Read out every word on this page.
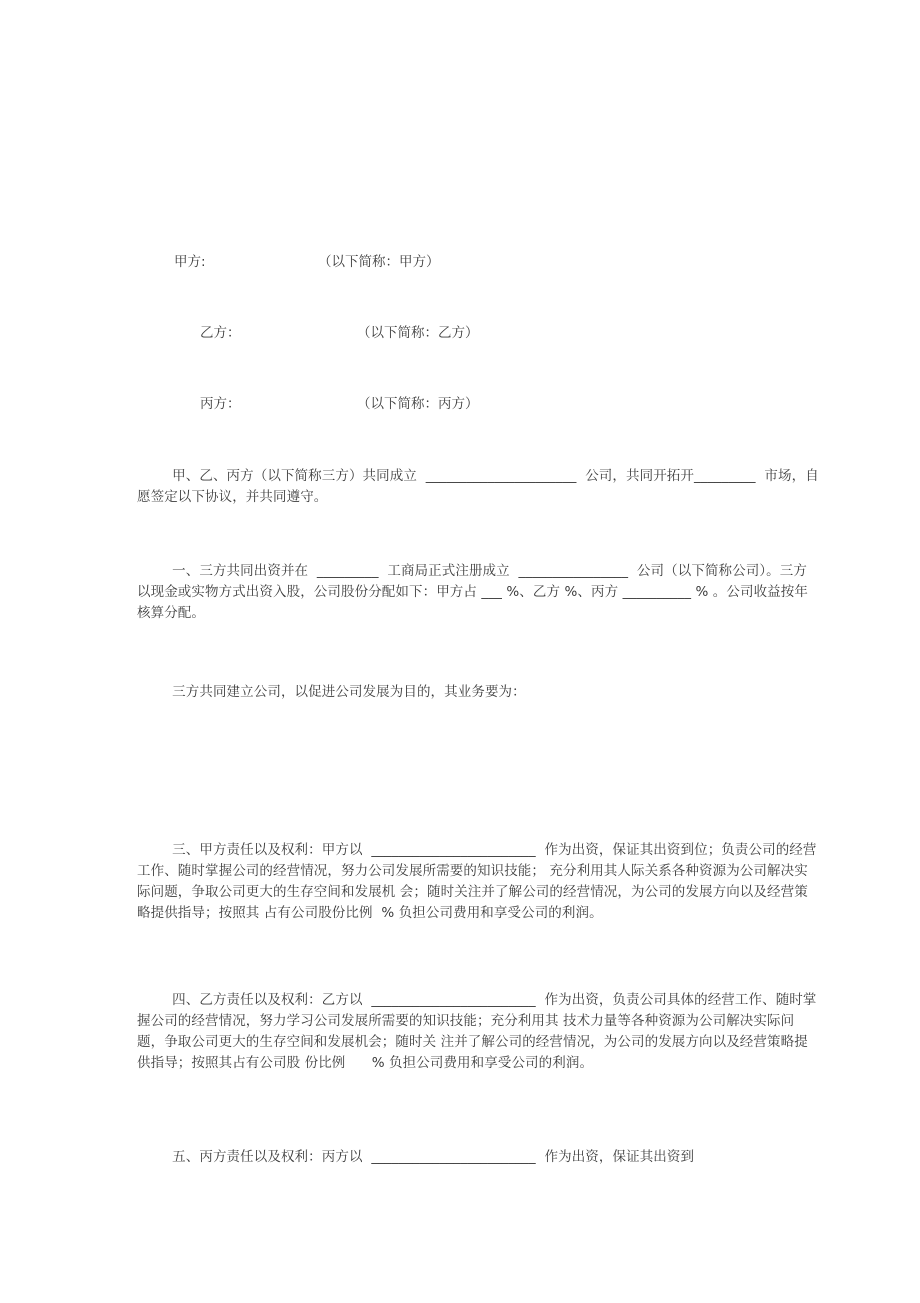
甲方:	（以下简称：甲方）
乙方：	（以下简称：乙方）
丙方：	（以下简称：丙方）

甲、乙、丙方（以下简称三方）共同成立  ______________________  公司，共同开拓开_________  市场，自愿签定以下协议，并共同遵守。

一、三方共同出资并在  _________  工商局正式注册成立  ________________  公司（以下简称公司）。三方以现金或实物方式出资入股，公司股份分配如下：甲方占 ___ %、乙方 %、丙方 __________ % 。公司收益按年核算分配。

三方共同建立公司，以促进公司发展为目的，其业务要为：

三、甲方责任以及权利：甲方以  ________________________  作为出资，保证其出资到位；负责公司的经营工作、随时掌握公司的经营情况，努力公司发展所需要的知识技能； 充分利用其人际关系各种资源为公司解决实际问题，争取公司更大的生存空间和发展机 会；随时关注并了解公司的经营情况，为公司的发展方向以及经营策略提供指导；按照其 占有公司股份比例  % 负担公司费用和享受公司的利润。

四、乙方责任以及权利：乙方以  ________________________  作为出资，负责公司具体的经营工作、随时掌握公司的经营情况，努力学习公司发展所需要的知识技能；充分利用其 技术力量等各种资源为公司解决实际问题，争取公司更大的生存空间和发展机会；随时关 注并了解公司的经营情况，为公司的发展方向以及经营策略提供指导；按照其占有公司股 份比例      % 负担公司费用和享受公司的利润。

五、丙方责任以及权利：丙方以  ________________________  作为出资，保证其出资到
